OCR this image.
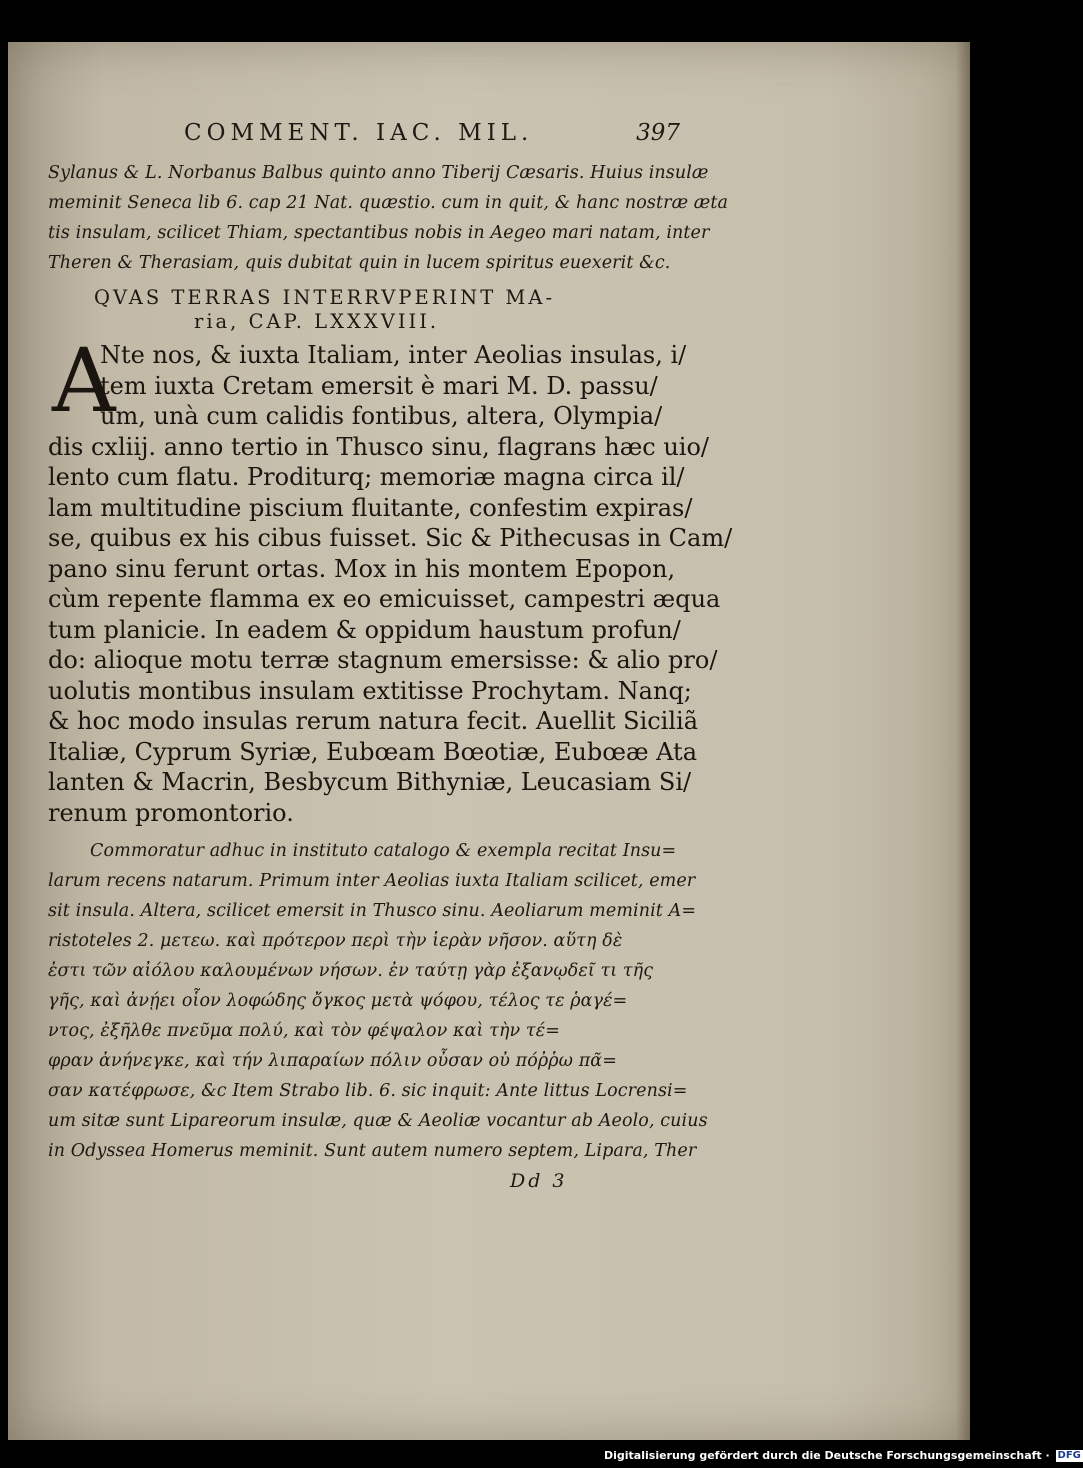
COMMENT. IAC. MIL.	397
Sylanus & L. Norbanus Balbus quinto anno Tiberij Cæsaris. Huius insulæ
meminit Seneca lib 6. cap 21 Nat. quæstio. cum in quit, & hanc nostræ æta
tis insulam, scilicet Thiam, spectantibus nobis in Aegeo mari natam, inter
Theren & Therasiam, quis dubitat quin in lucem spiritus euexerit &c.
QVAS TERRAS INTERRVPERINT MA-
ria, CAP. LXXXVIII.
A
Nte nos, & iuxta Italiam, inter Aeolias insulas, i/
tem iuxta Cretam emersit è mari M. D. passu/
um, unà cum calidis fontibus, altera, Olympia/
dis cxliij. anno tertio in Thusco sinu, flagrans hæc uio/
lento cum flatu. Proditurq; memoriæ magna circa il/
lam multitudine piscium fluitante, confestim expiras/
se, quibus ex his cibus fuisset. Sic & Pithecusas in Cam/
pano sinu ferunt ortas. Mox in his montem Epopon,
cùm repente flamma ex eo emicuisset, campestri æqua
tum planicie. In eadem & oppidum haustum profun/
do: alioque motu terræ stagnum emersisse: & alio pro/
uolutis montibus insulam extitisse Prochytam. Nanq;
& hoc modo insulas rerum natura fecit. Auellit Siciliã
Italiæ, Cyprum Syriæ, Eubœam Bœotiæ, Eubœæ Ata
lanten & Macrin, Besbycum Bithyniæ, Leucasiam Si/
renum promontorio.
Commoratur adhuc in instituto catalogo & exempla recitat Insu=
larum recens natarum. Primum inter Aeolias iuxta Italiam scilicet, emer
sit insula. Altera, scilicet emersit in Thusco sinu. Aeoliarum meminit A=
ristoteles 2. μετεω. καὶ πρότερον περὶ τὴν ἱερὰν νῆσον. αὕτη δὲ
ἐστι τῶν αἰόλου καλουμένων νήσων. ἐν ταύτῃ γὰρ ἐξανῳδεῖ τι τῆς
γῆς, καὶ ἀνῄει οἷον λοφώδης ὄγκος μετὰ ψόφου, τέλος τε ῥαγέ=
ντος, ἐξῆλθε πνεῦμα πολύ, καὶ τὸν φέψαλον καὶ τὴν τέ=
φραν ἀνήνεγκε, καὶ τήν λιπαραίων πόλιν οὖσαν οὐ πόῤῥω πᾶ=
σαν κατέφρωσε, &c Item Strabo lib. 6. sic inquit: Ante littus Locrensi=
um sitæ sunt Lipareorum insulæ, quæ & Aeoliæ vocantur ab Aeolo, cuius
in Odyssea Homerus meminit. Sunt autem numero septem, Lipara, Ther
Dd 3
Digitalisierung gefördert durch die Deutsche Forschungsgemeinschaft · DFG
